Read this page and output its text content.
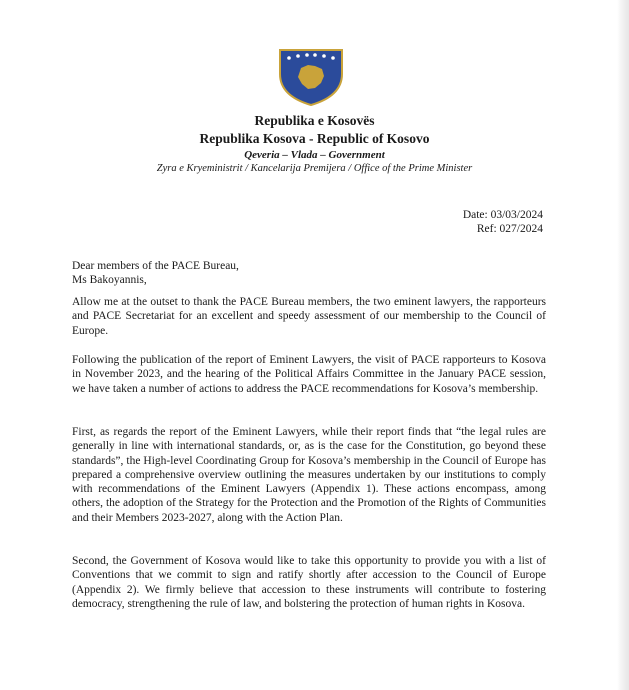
Republika e Kosovës
Republika Kosova - Republic of Kosovo
Qeveria – Vlada – Government
Zyra e Kryeministrit / Kancelarija Premijera / Office of the Prime Minister
Date: 03/03/2024
Ref: 027/2024
Dear members of the PACE Bureau,
Ms Bakoyannis,
Allow me at the outset to thank the PACE Bureau members, the two eminent lawyers, the rapporteurs and PACE Secretariat for an excellent and speedy assessment of our membership to the Council of Europe.
Following the publication of the report of Eminent Lawyers, the visit of PACE rapporteurs to Kosova in November 2023, and the hearing of the Political Affairs Committee in the January PACE session, we have taken a number of actions to address the PACE recommendations for Kosova’s membership.
First, as regards the report of the Eminent Lawyers, while their report finds that “the legal rules are generally in line with international standards, or, as is the case for the Constitution, go beyond these standards”, the High-level Coordinating Group for Kosova’s membership in the Council of Europe has prepared a comprehensive overview outlining the measures undertaken by our institutions to comply with recommendations of the Eminent Lawyers (Appendix 1). These actions encompass, among others, the adoption of the Strategy for the Protection and the Promotion of the Rights of Communities and their Members 2023-2027, along with the Action Plan.
Second, the Government of Kosova would like to take this opportunity to provide you with a list of Conventions that we commit to sign and ratify shortly after accession to the Council of Europe (Appendix 2). We firmly believe that accession to these instruments will contribute to fostering democracy, strengthening the rule of law, and bolstering the protection of human rights in Kosova.
